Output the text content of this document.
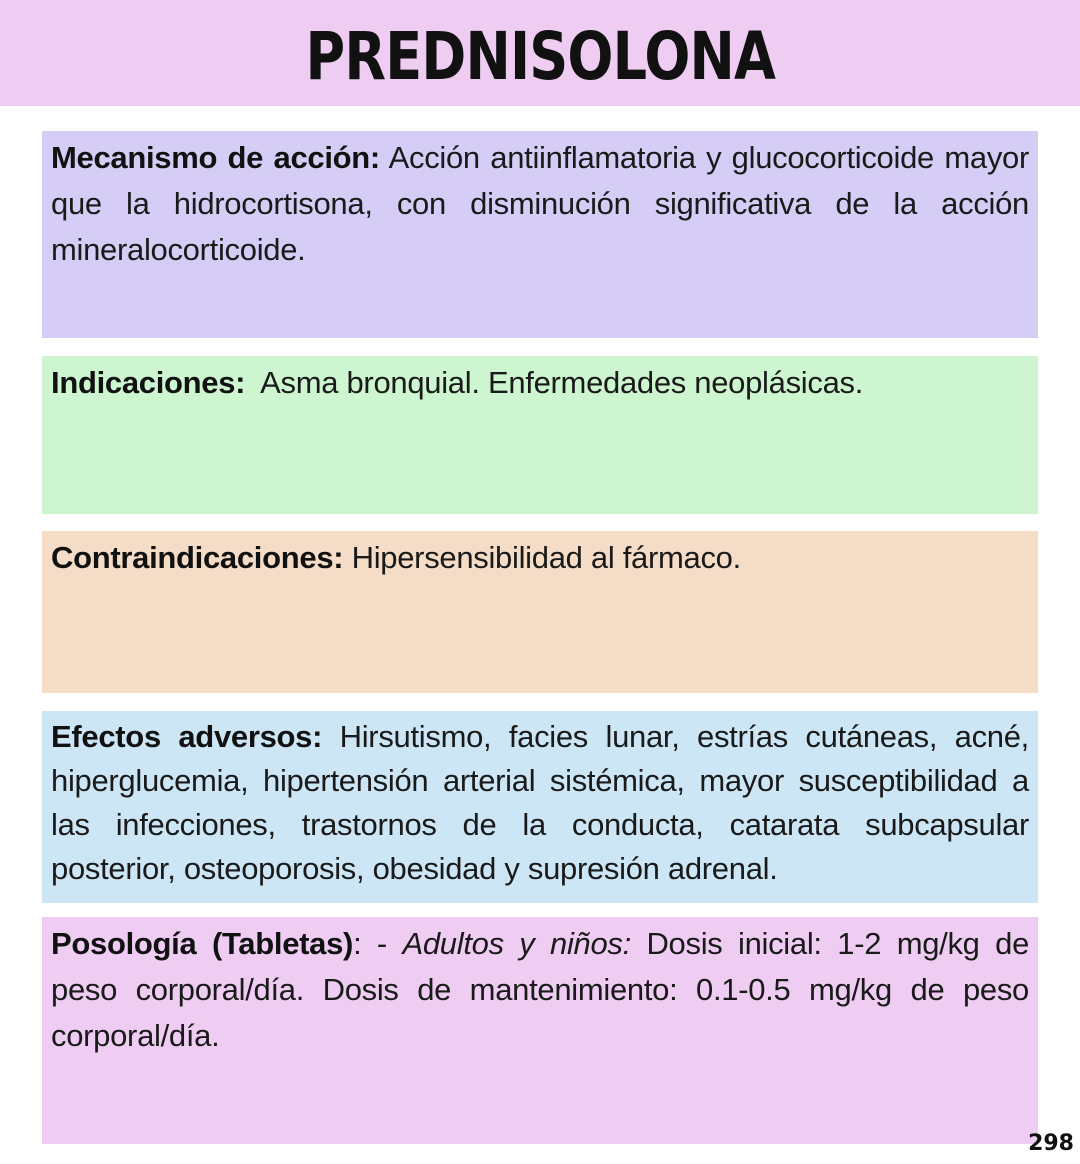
PREDNISOLONA
Mecanismo de acción: Acción antiinflamatoria y glucocorticoide mayor que la hidrocortisona, con disminución significativa de la acción mineralocorticoide.
Indicaciones:  Asma bronquial. Enfermedades neoplásicas.
Contraindicaciones: Hipersensibilidad al fármaco.
Efectos adversos: Hirsutismo, facies lunar, estrías cutáneas, acné, hiperglucemia, hipertensión arterial sistémica, mayor susceptibilidad a las infecciones, trastornos de la conducta, catarata subcapsular posterior, osteoporosis, obesidad y supresión adrenal.
Posología (Tabletas): - Adultos y niños: Dosis inicial: 1-2 mg/kg de peso corporal/día. Dosis de mantenimiento: 0.1-0.5 mg/kg de peso corporal/día.
298
